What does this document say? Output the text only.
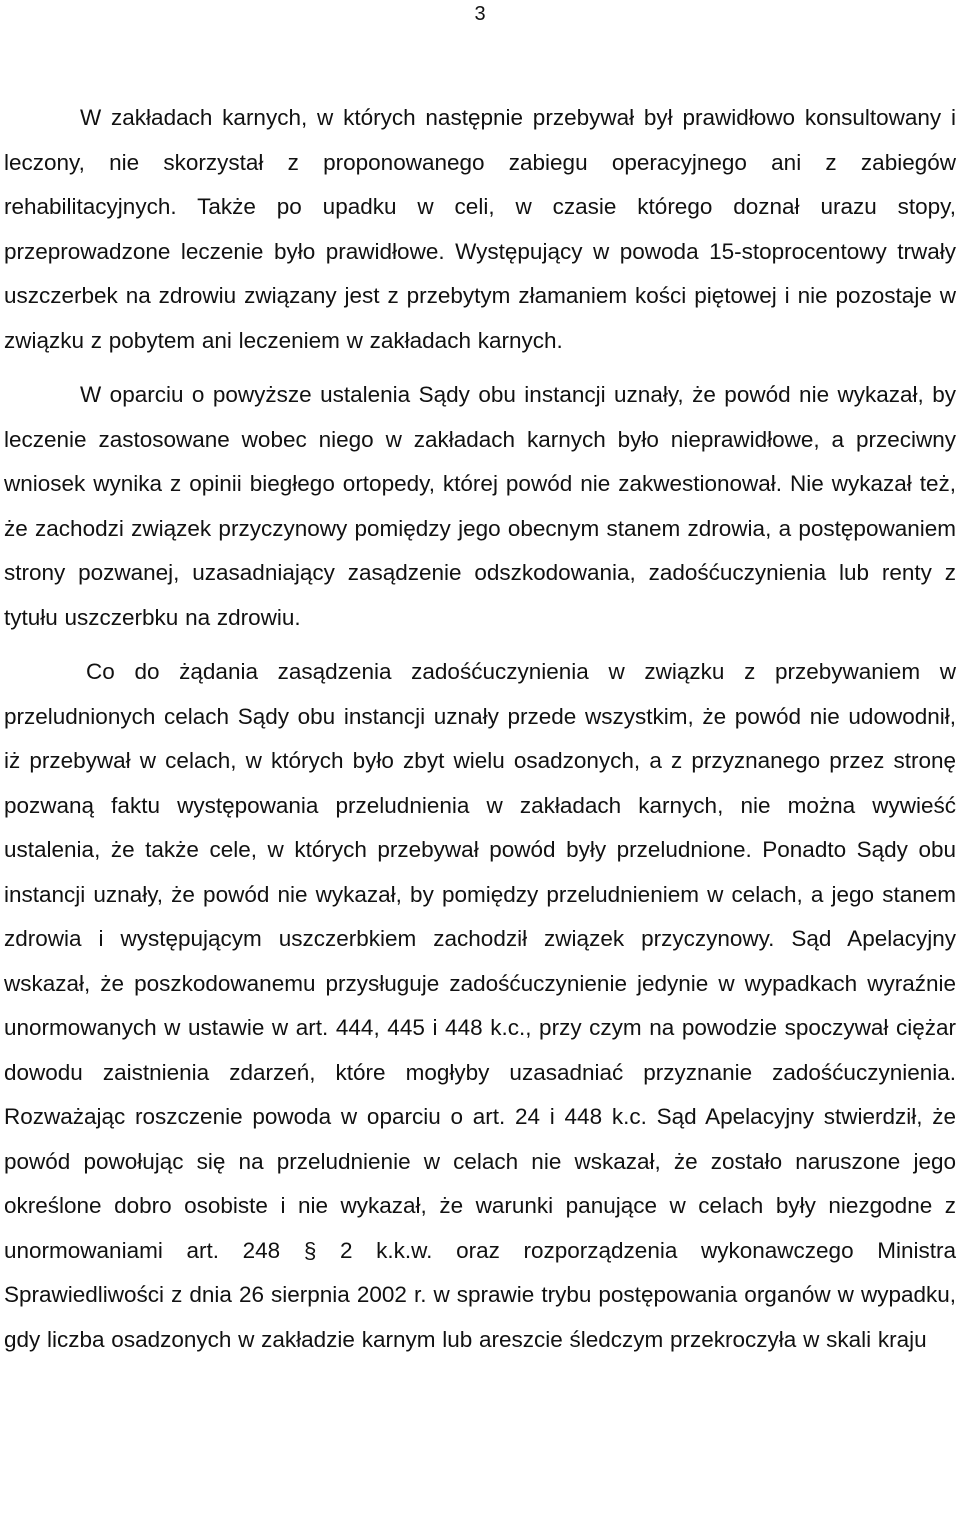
3

W zakładach karnych, w których następnie przebywał był prawidłowo konsultowany i leczony, nie skorzystał z proponowanego zabiegu operacyjnego ani z zabiegów rehabilitacyjnych. Także po upadku w celi, w czasie którego doznał urazu stopy, przeprowadzone leczenie było prawidłowe. Występujący w powoda 15-stoprocentowy trwały uszczerbek na zdrowiu związany jest z przebytym złamaniem kości piętowej i nie pozostaje w związku z pobytem ani leczeniem w zakładach karnych.

W oparciu o powyższe ustalenia Sądy obu instancji uznały, że powód nie wykazał, by leczenie zastosowane wobec niego w zakładach karnych było nieprawidłowe, a przeciwny wniosek wynika z opinii biegłego ortopedy, której powód nie zakwestionował. Nie wykazał też, że zachodzi związek przyczynowy pomiędzy jego obecnym stanem zdrowia, a postępowaniem strony pozwanej, uzasadniający zasądzenie odszkodowania, zadośćuczynienia lub renty z tytułu uszczerbku na zdrowiu.

Co do żądania zasądzenia zadośćuczynienia w związku z przebywaniem w przeludnionych celach Sądy obu instancji uznały przede wszystkim, że powód nie udowodnił, iż przebywał w celach, w których było zbyt wielu osadzonych, a z przyznanego przez stronę pozwaną faktu występowania przeludnienia w zakładach karnych, nie można wywieść ustalenia, że także cele, w których przebywał powód były przeludnione. Ponadto Sądy obu instancji uznały, że powód nie wykazał, by pomiędzy przeludnieniem w celach, a jego stanem zdrowia i występującym uszczerbkiem zachodził związek przyczynowy. Sąd Apelacyjny wskazał, że poszkodowanemu przysługuje zadośćuczynienie jedynie w wypadkach wyraźnie unormowanych w ustawie w art. 444, 445 i 448 k.c., przy czym na powodzie spoczywał ciężar dowodu zaistnienia zdarzeń, które mogłyby uzasadniać przyznanie zadośćuczynienia. Rozważając roszczenie powoda w oparciu o art. 24 i 448 k.c. Sąd Apelacyjny stwierdził, że powód powołując się na przeludnienie w celach nie wskazał, że zostało naruszone jego określone dobro osobiste i nie wykazał, że warunki panujące w celach były niezgodne z unormowaniami art. 248 § 2 k.k.w. oraz rozporządzenia wykonawczego Ministra Sprawiedliwości z dnia 26 sierpnia 2002 r. w sprawie trybu postępowania organów w wypadku, gdy liczba osadzonych w zakładzie karnym lub areszcie śledczym przekroczyła w skali kraju
